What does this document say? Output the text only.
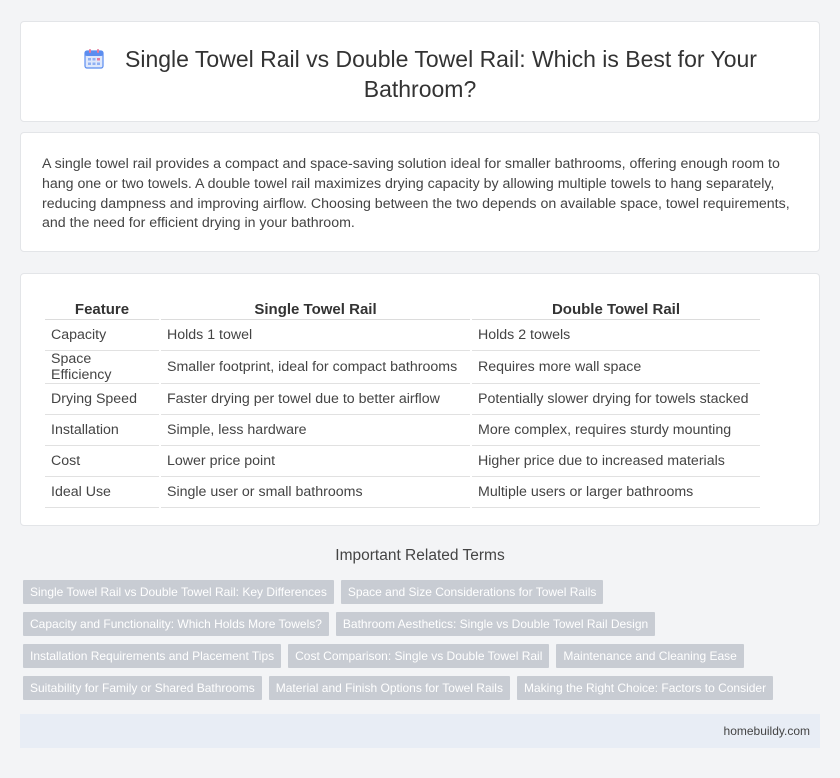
Single Towel Rail vs Double Towel Rail: Which is Best for Your Bathroom?

A single towel rail provides a compact and space-saving solution ideal for smaller bathrooms, offering enough room to hang one or two towels. A double towel rail maximizes drying capacity by allowing multiple towels to hang separately, reducing dampness and improving airflow. Choosing between the two depends on available space, towel requirements, and the need for efficient drying in your bathroom.

Feature	Single Towel Rail	Double Towel Rail
Capacity	Holds 1 towel	Holds 2 towels
Space Efficiency	Smaller footprint, ideal for compact bathrooms	Requires more wall space
Drying Speed	Faster drying per towel due to better airflow	Potentially slower drying for towels stacked
Installation	Simple, less hardware	More complex, requires sturdy mounting
Cost	Lower price point	Higher price due to increased materials
Ideal Use	Single user or small bathrooms	Multiple users or larger bathrooms
Important Related Terms
Single Towel Rail vs Double Towel Rail: Key Differences	Space and Size Considerations for Towel Rails
Capacity and Functionality: Which Holds More Towels?	Bathroom Aesthetics: Single vs Double Towel Rail Design
Installation Requirements and Placement Tips	Cost Comparison: Single vs Double Towel Rail	Maintenance and Cleaning Ease
Suitability for Family or Shared Bathrooms	Material and Finish Options for Towel Rails	Making the Right Choice: Factors to Consider
homebuildy.com
